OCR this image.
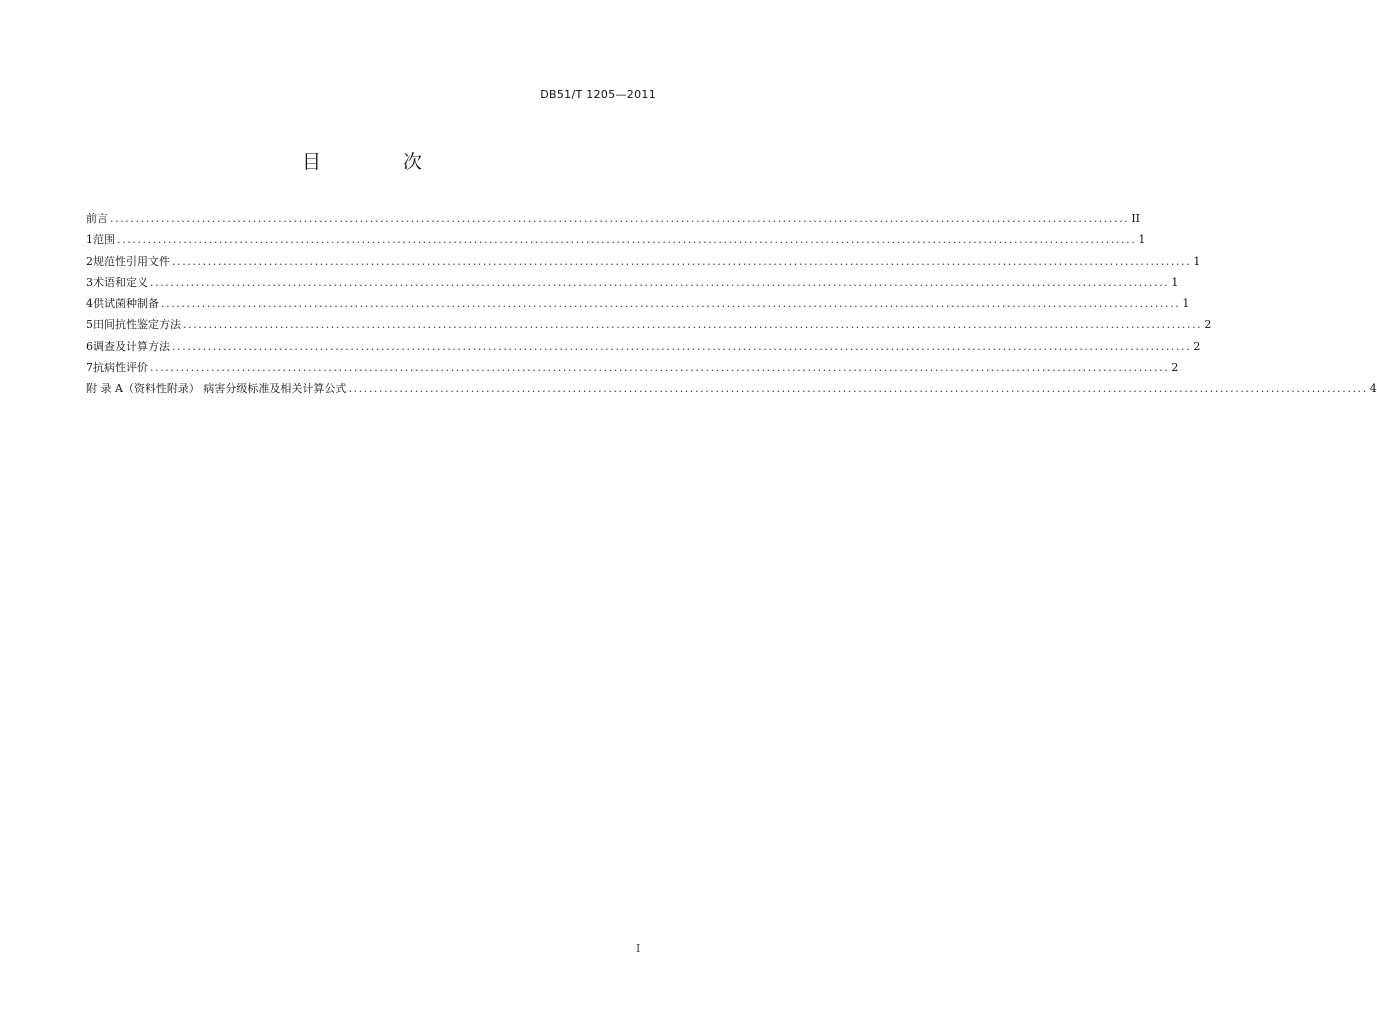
DB51/T 1205—2011
目 次
前 言 ........................................................................................................................................................................................................ II
1 范围 ........................................................................................................................................................................................................ 1
2 规范性引用文件 ........................................................................................................................................................................................................ 1
3 术语和定义 ........................................................................................................................................................................................................ 1
4 供试菌种制备 ........................................................................................................................................................................................................ 1
5 田间抗性鉴定方法 ........................................................................................................................................................................................................ 2
6 调查及计算方法 ........................................................................................................................................................................................................ 2
7 抗病性评价 ........................................................................................................................................................................................................ 2
附 录 A （资料性附录） 病害分级标准及相关计算公式 ........................................................................................................................................................................................................ 4
I
